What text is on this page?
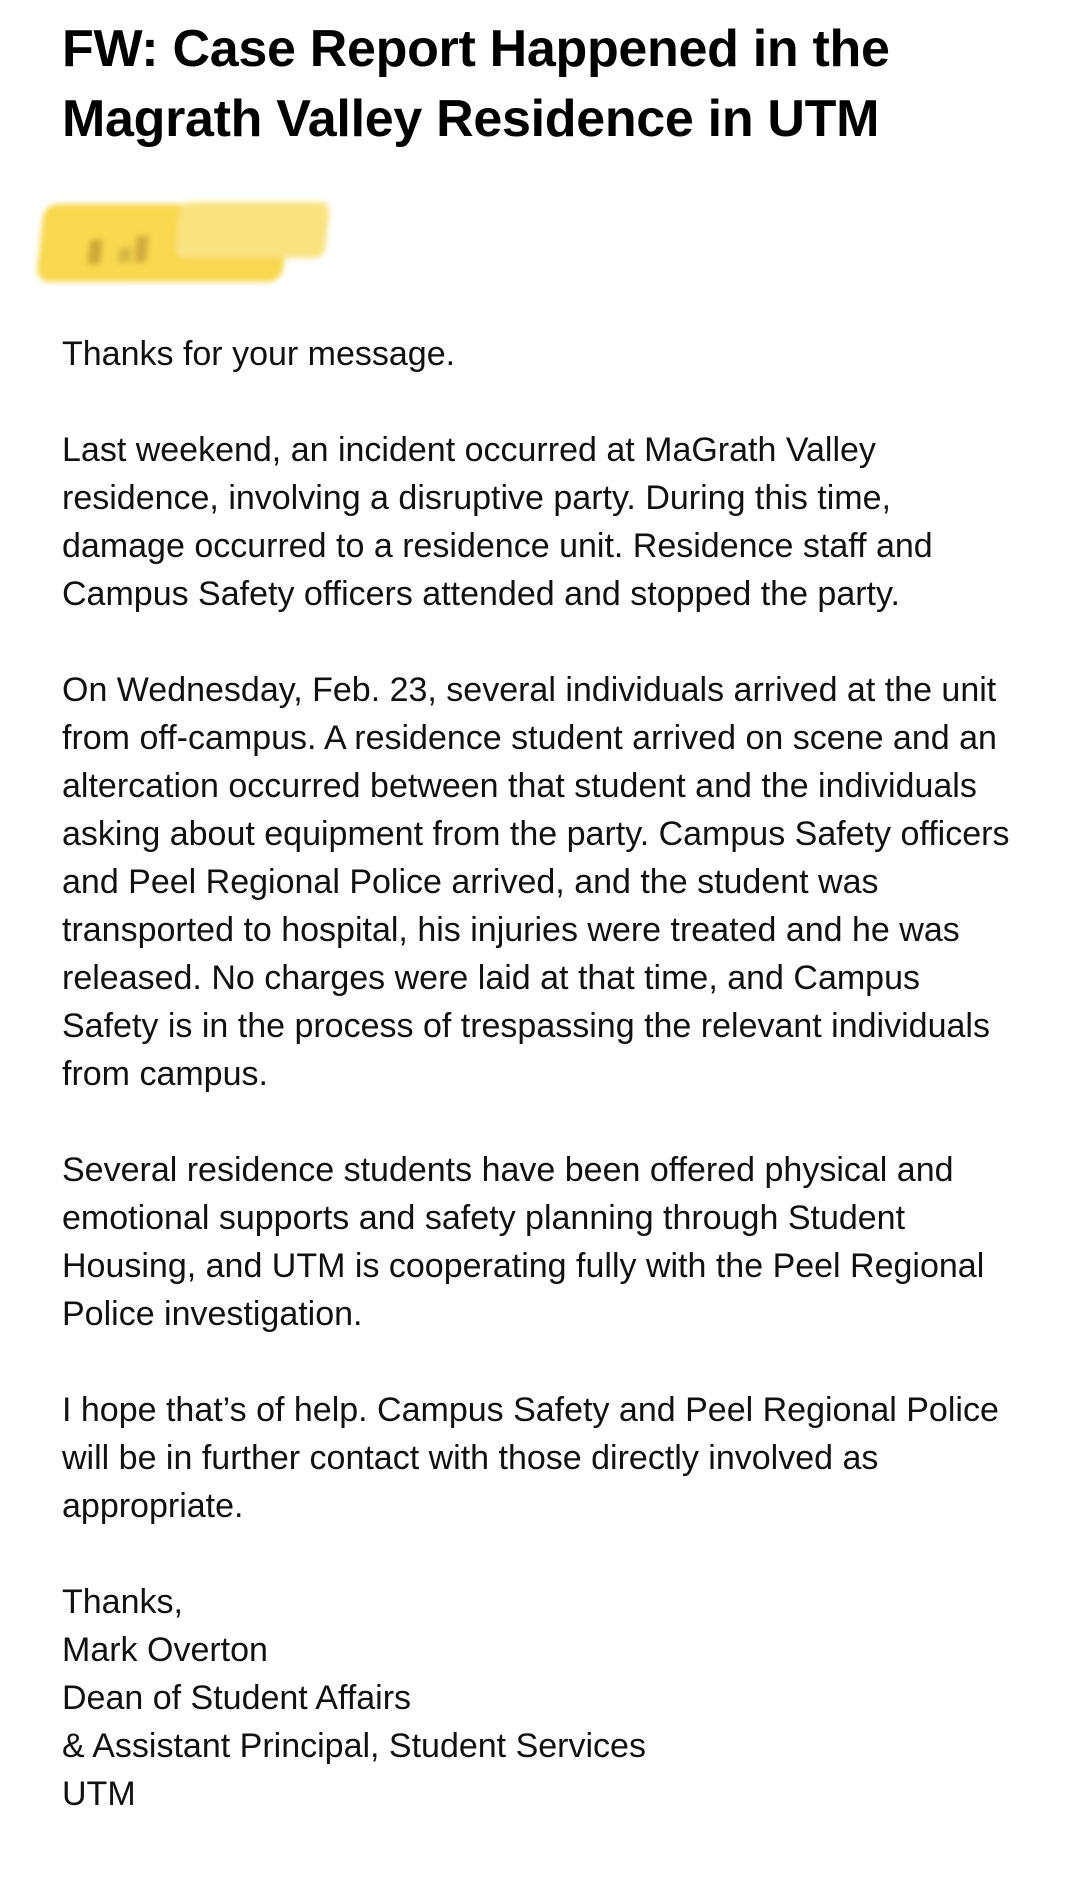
FW: Case Report Happened in the Magrath Valley Residence in UTM

Thanks for your message.

Last weekend, an incident occurred at MaGrath Valley residence, involving a disruptive party. During this time, damage occurred to a residence unit. Residence staff and Campus Safety officers attended and stopped the party.

On Wednesday, Feb. 23, several individuals arrived at the unit from off-campus. A residence student arrived on scene and an altercation occurred between that student and the individuals asking about equipment from the party. Campus Safety officers and Peel Regional Police arrived, and the student was transported to hospital, his injuries were treated and he was released. No charges were laid at that time, and Campus Safety is in the process of trespassing the relevant individuals from campus.

Several residence students have been offered physical and emotional supports and safety planning through Student Housing, and UTM is cooperating fully with the Peel Regional Police investigation.

I hope that’s of help. Campus Safety and Peel Regional Police will be in further contact with those directly involved as appropriate.

Thanks,
Mark Overton
Dean of Student Affairs
& Assistant Principal, Student Services
UTM
